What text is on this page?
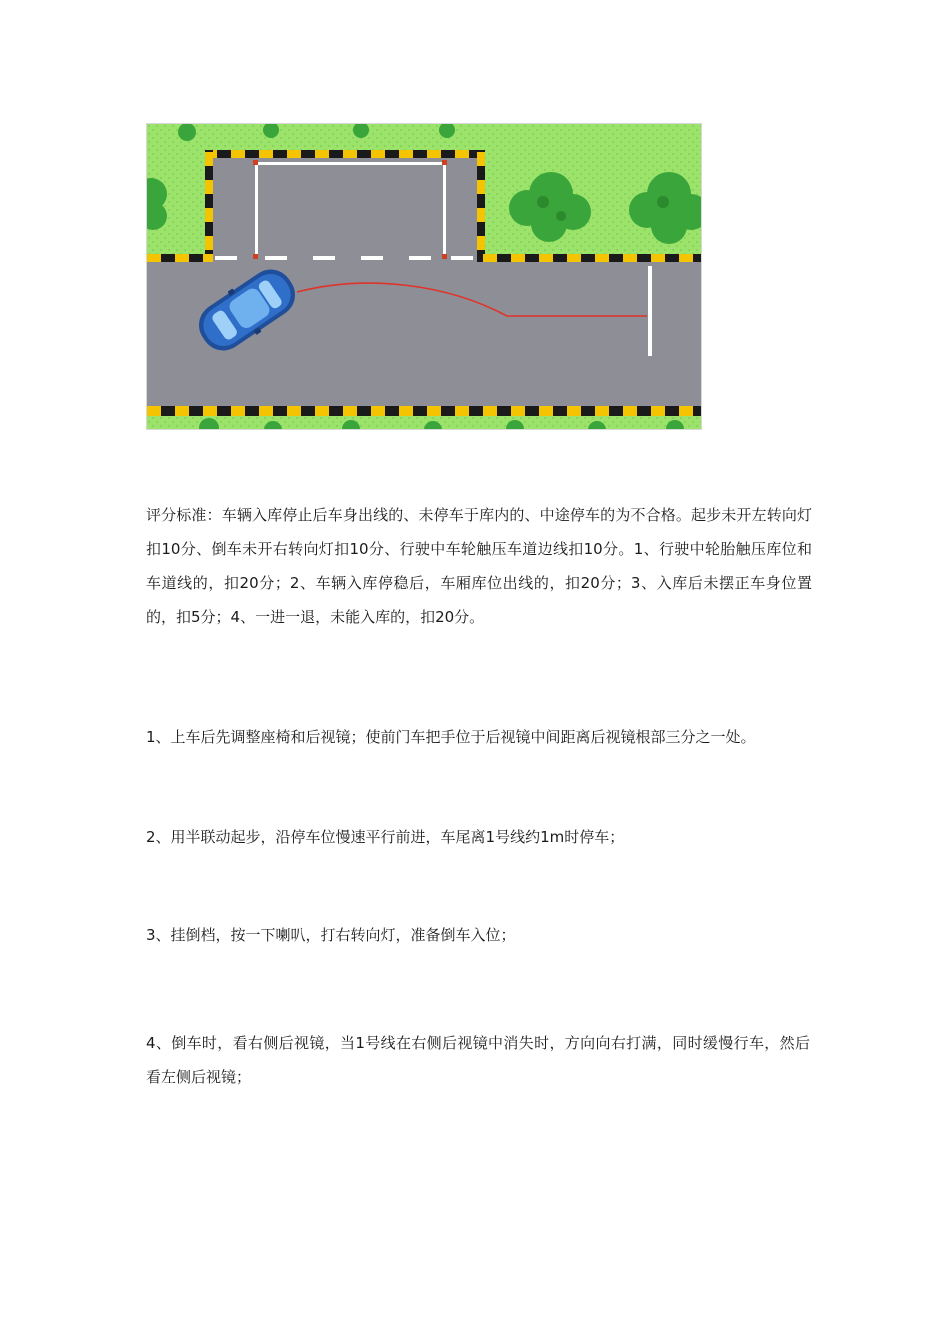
评分标准：车辆入库停止后车身出线的、未停车于库内的、中途停车的为不合格。起步未开左转向灯扣10分、倒车未开右转向灯扣10分、行驶中车轮触压车道边线扣10分。1、行驶中轮胎触压库位和车道线的，扣20分；2、车辆入库停稳后，车厢库位出线的，扣20分；3、入库后未摆正车身位置的，扣5分；4、一进一退，未能入库的，扣20分。

1、上车后先调整座椅和后视镜；使前门车把手位于后视镜中间距离后视镜根部三分之一处。

2、用半联动起步，沿停车位慢速平行前进，车尾离1号线约1m时停车；

3、挂倒档，按一下喇叭，打右转向灯，准备倒车入位；

4、倒车时，看右侧后视镜，当1号线在右侧后视镜中消失时，方向向右打满，同时缓慢行车，然后看左侧后视镜；
